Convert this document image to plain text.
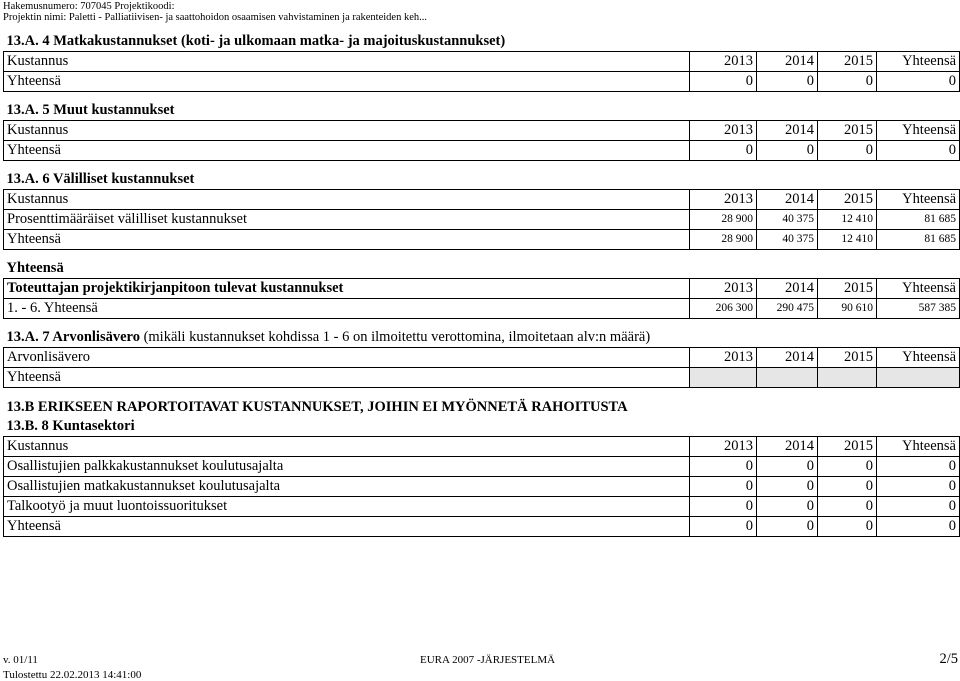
Hakemusnumero: 707045 Projektikoodi:
Projektin nimi: Paletti - Palliatiivisen- ja saattohoidon osaamisen vahvistaminen ja rakenteiden keh...
13.A. 4 Matkakustannukset (koti- ja ulkomaan matka- ja majoituskustannukset)				
Kustannus	2013	2014	2015	Yhteensä
Yhteensä	0	0	0	0
13.A. 5 Muut kustannukset				
Kustannus	2013	2014	2015	Yhteensä
Yhteensä	0	0	0	0
13.A. 6 Välilliset kustannukset				
Kustannus	2013	2014	2015	Yhteensä
Prosenttimääräiset välilliset kustannukset	28 900	40 375	12 410	81 685
Yhteensä	28 900	40 375	12 410	81 685
Yhteensä				
Toteuttajan projektikirjanpitoon tulevat kustannukset	2013	2014	2015	Yhteensä
1. - 6. Yhteensä	206 300	290 475	90 610	587 385
13.A. 7 Arvonlisävero (mikäli kustannukset kohdissa 1 - 6 on ilmoitettu verottomina, ilmoitetaan alv:n määrä)				
Arvonlisävero	2013	2014	2015	Yhteensä
Yhteensä				
13.B ERIKSEEN RAPORTOITAVAT KUSTANNUKSET, JOIHIN EI MYÖNNETÄ RAHOITUSTA				
13.B. 8 Kuntasektori				
Kustannus	2013	2014	2015	Yhteensä
Osallistujien palkkakustannukset koulutusajalta	0	0	0	0
Osallistujien matkakustannukset koulutusajalta	0	0	0	0
Talkootyö ja muut luontoissuoritukset	0	0	0	0
Yhteensä	0	0	0	0
v. 01/11	EURA 2007 -JÄRJESTELMÄ	2/5
Tulostettu 22.02.2013 14:41:00
